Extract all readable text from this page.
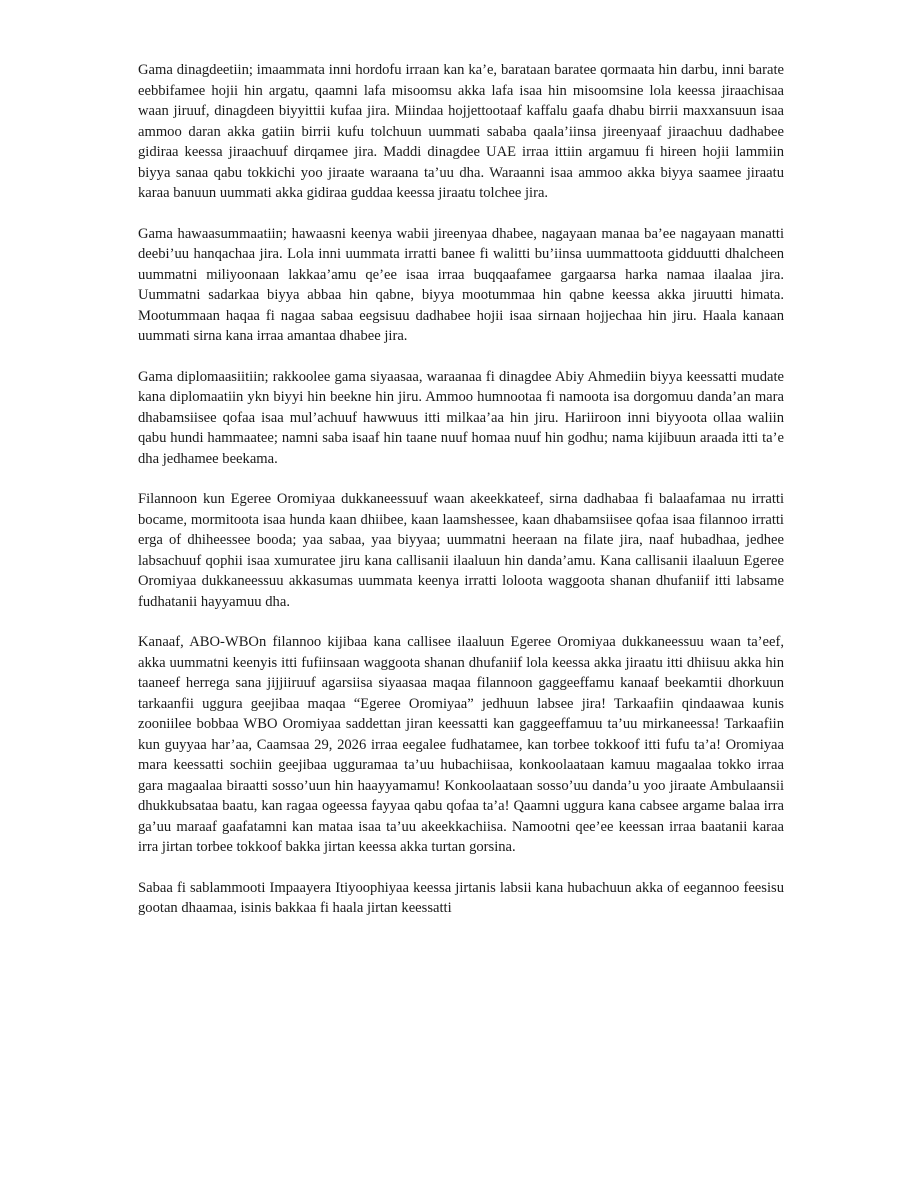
Gama dinagdeetiin; imaammata inni hordofu irraan kan ka’e, barataan baratee qormaata hin darbu, inni barate eebbifamee hojii hin argatu, qaamni lafa misoomsu akka lafa isaa hin misoomsine lola keessa jiraachisaa waan jiruuf, dinagdeen biyyittii kufaa jira. Miindaa hojjettootaaf kaffalu gaafa dhabu birrii maxxansuun isaa ammoo daran akka gatiin birrii kufu tolchuun uummati sababa qaala’iinsa jireenyaaf jiraachuu dadhabee gidiraa keessa jiraachuuf dirqamee jira. Maddi dinagdee UAE irraa ittiin argamuu fi hireen hojii lammiin biyya sanaa qabu tokkichi yoo jiraate waraana ta’uu dha. Waraanni isaa ammoo akka biyya saamee jiraatu karaa banuun uummati akka gidiraa guddaa keessa jiraatu tolchee jira.

Gama hawaasummaatiin; hawaasni keenya wabii jireenyaa dhabee, nagayaan manaa ba’ee nagayaan manatti deebi’uu hanqachaa jira. Lola inni uummata irratti banee fi walitti bu’iinsa uummattoota gidduutti dhalcheen uummatni miliyoonaan lakkaa’amu qe’ee isaa irraa buqqaafamee gargaarsa harka namaa ilaalaa jira. Uummatni sadarkaa biyya abbaa hin qabne, biyya mootummaa hin qabne keessa akka jiruutti himata. Mootummaan haqaa fi nagaa sabaa eegsisuu dadhabee hojii isaa sirnaan hojjechaa hin jiru. Haala kanaan uummati sirna kana irraa amantaa dhabee jira.

Gama diplomaasiitiin; rakkoolee gama siyaasaa, waraanaa fi dinagdee Abiy Ahmediin biyya keessatti mudate kana diplomaatiin ykn biyyi hin beekne hin jiru. Ammoo humnootaa fi namoota isa dorgomuu danda’an mara dhabamsiisee qofaa isaa mul’achuuf hawwuus itti milkaa’aa hin jiru. Hariiroon inni biyyoota ollaa waliin qabu hundi hammaatee; namni saba isaaf hin taane nuuf homaa nuuf hin godhu; nama kijibuun araada itti ta’e dha jedhamee beekama.

Filannoon kun Egeree Oromiyaa dukkaneessuuf waan akeekkateef, sirna dadhabaa fi balaafamaa nu irratti bocame, mormitoota isaa hunda kaan dhiibee, kaan laamshessee, kaan dhabamsiisee qofaa isaa filannoo irratti erga of dhiheessee booda; yaa sabaa, yaa biyyaa; uummatni heeraan na filate jira, naaf hubadhaa, jedhee labsachuuf qophii isaa xumuratee jiru kana callisanii ilaaluun hin danda’amu. Kana callisanii ilaaluun Egeree Oromiyaa dukkaneessuu akkasumas uummata keenya irratti loloota waggoota shanan dhufaniif itti labsame fudhatanii hayyamuu dha.

Kanaaf, ABO-WBOn filannoo kijibaa kana callisee ilaaluun Egeree Oromiyaa dukkaneessuu waan ta’eef, akka uummatni keenyis itti fufiinsaan waggoota shanan dhufaniif lola keessa akka jiraatu itti dhiisuu akka hin taaneef herrega sana jijjiiruuf agarsiisa siyaasaa maqaa filannoon gaggeeffamu kanaaf beekamtii dhorkuun tarkaanfii uggura geejibaa maqaa “Egeree Oromiyaa” jedhuun labsee jira! Tarkaafiin qindaawaa kunis zooniilee bobbaa WBO Oromiyaa saddettan jiran keessatti kan gaggeeffamuu ta’uu mirkaneessa! Tarkaafiin kun guyyaa har’aa, Caamsaa 29, 2026 irraa eegalee fudhatamee, kan torbee tokkoof itti fufu ta’a! Oromiyaa mara keessatti sochiin geejibaa ugguramaa ta’uu hubachiisaa, konkoolaataan kamuu magaalaa tokko irraa gara magaalaa biraatti sosso’uun hin haayyamamu! Konkoolaataan sosso’uu danda’u yoo jiraate Ambulaansii dhukkubsataa baatu, kan ragaa ogeessa fayyaa qabu qofaa ta’a! Qaamni uggura kana cabsee argame balaa irra ga’uu maraaf gaafatamni kan mataa isaa ta’uu akeekkachiisa. Namootni qee’ee keessan irraa baatanii karaa irra jirtan torbee tokkoof bakka jirtan keessa akka turtan gorsina.

Sabaa fi sablammooti Impaayera Itiyoophiyaa keessa jirtanis labsii kana hubachuun akka of eegannoo feesisu gootan dhaamaa, isinis bakkaa fi haala jirtan keessatti
